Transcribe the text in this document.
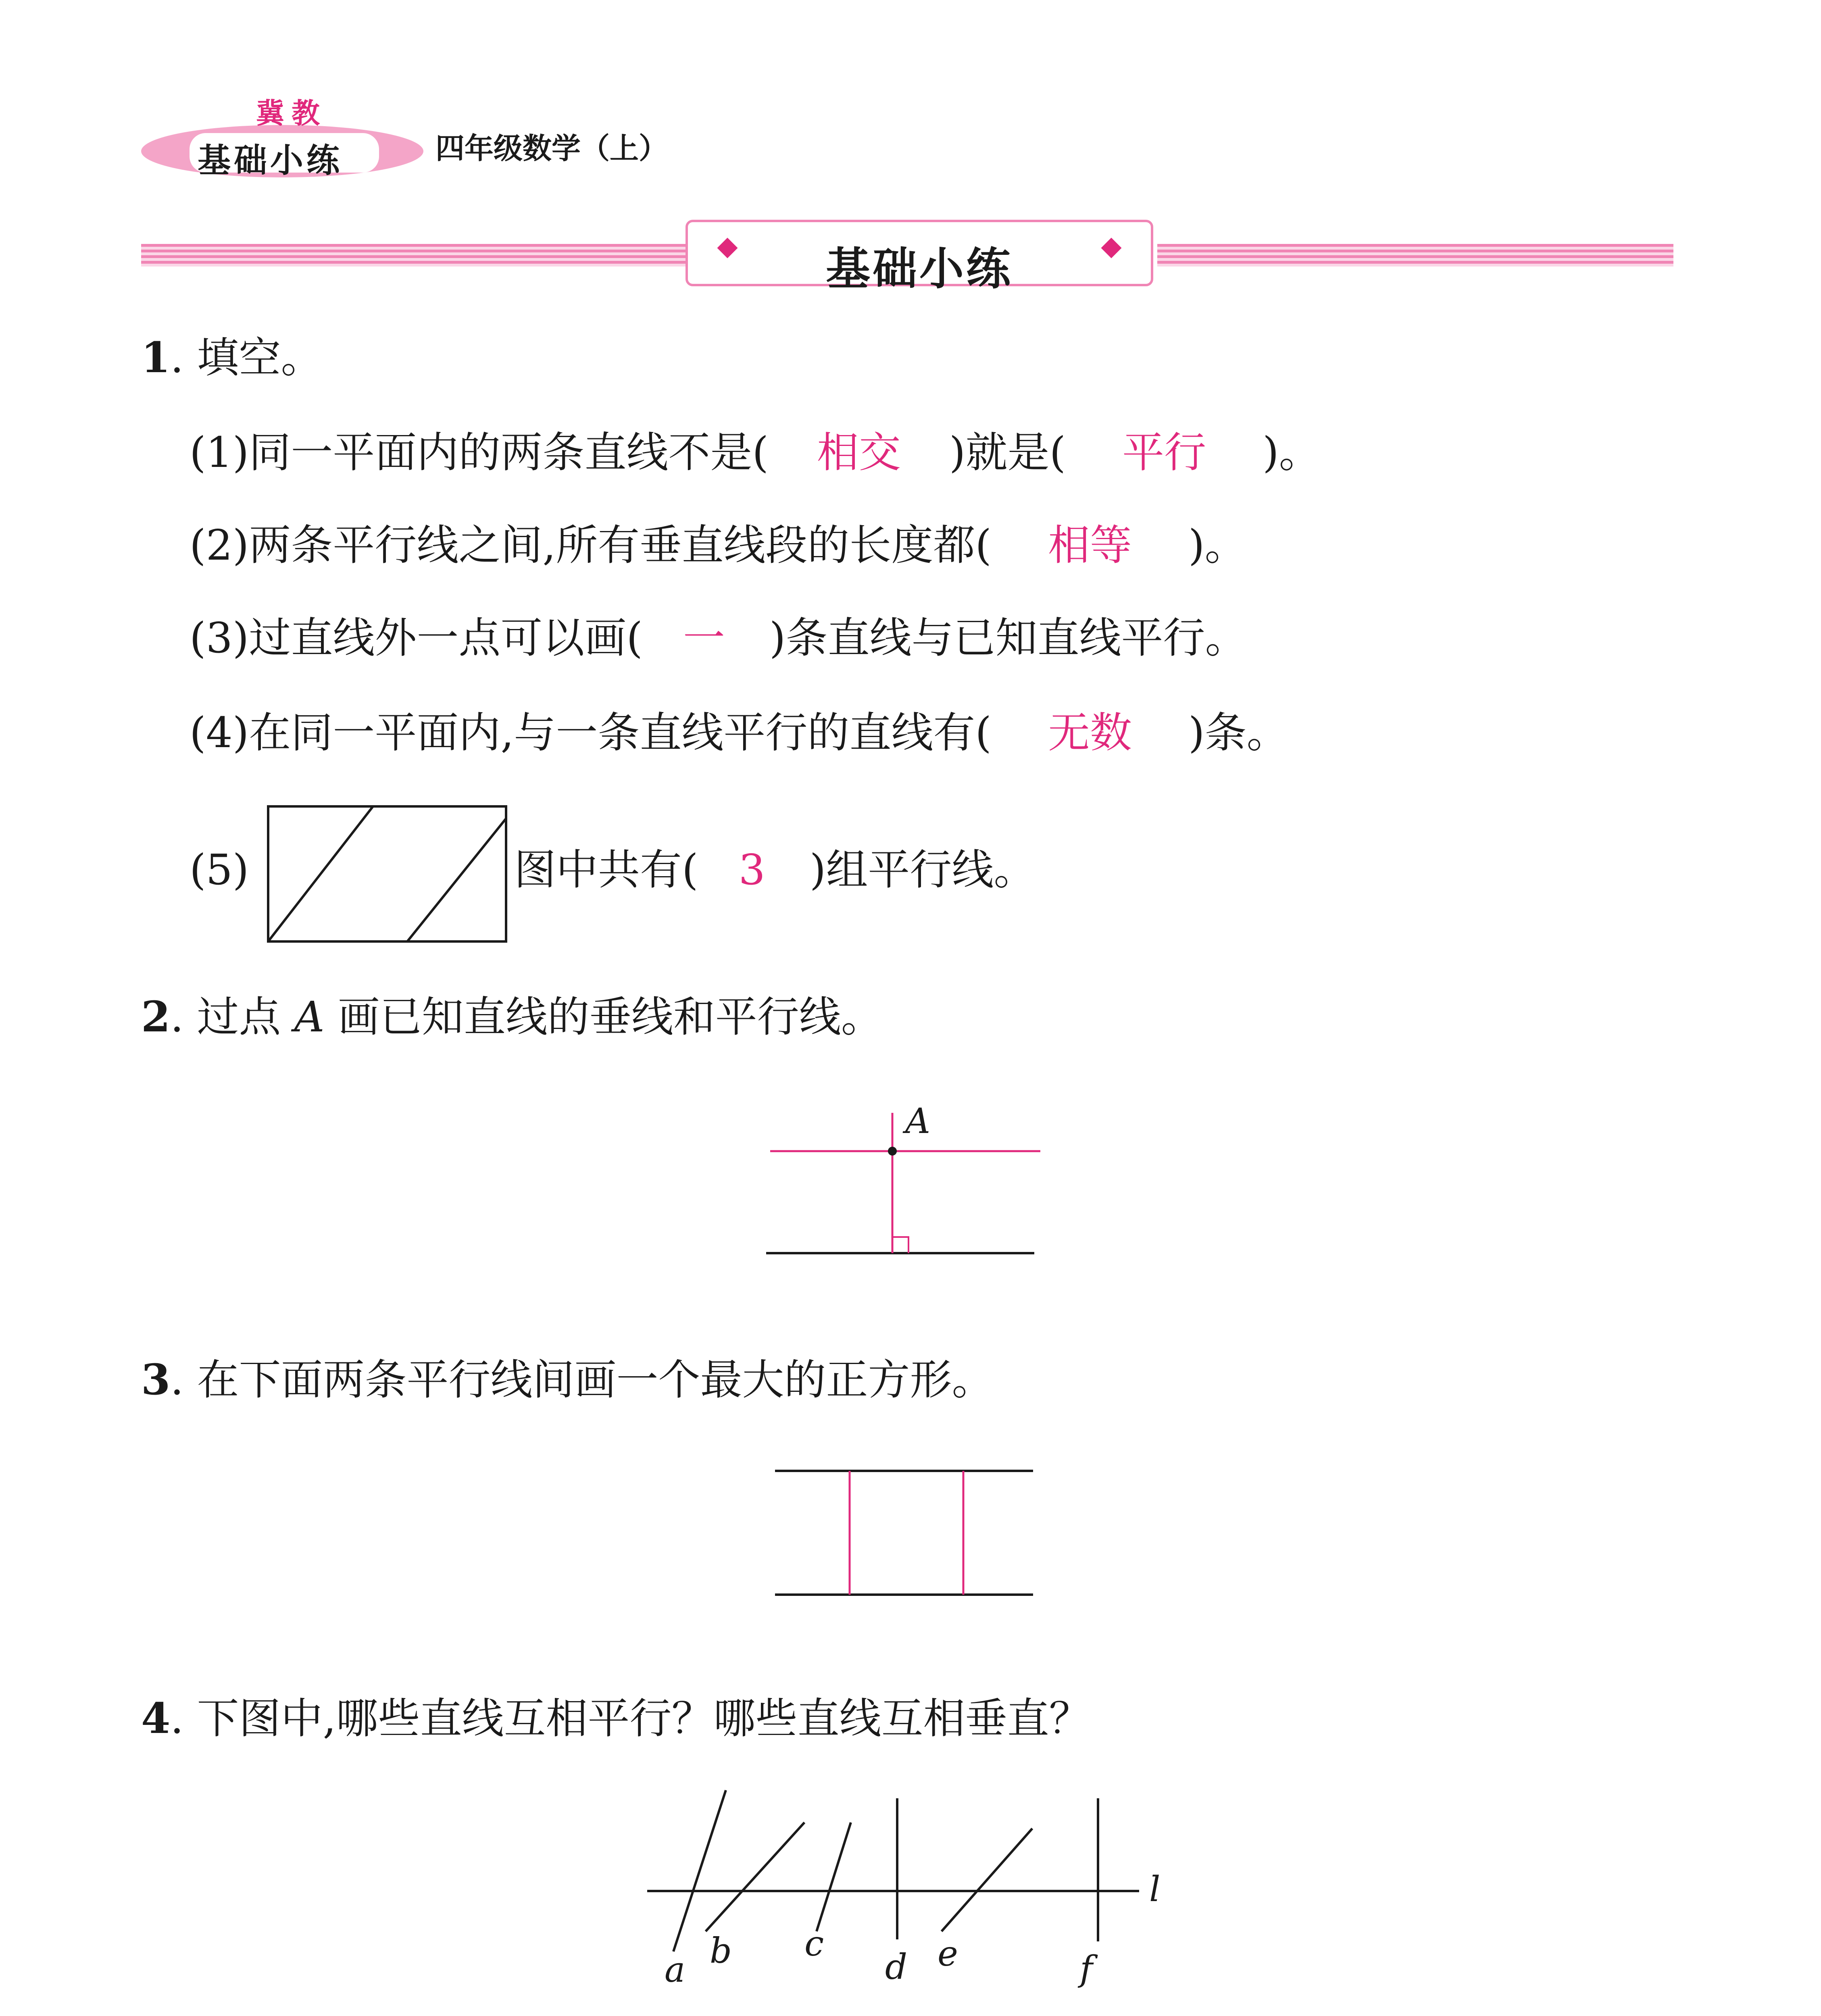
冀教
基础小练	四年级数学（上）
基础小练
1. 填空。
(1)同一平面内的两条直线不是( 相交 )就是( 平行 )。
(2)两条平行线之间,所有垂直线段的长度都( 相等 )。
(3)过直线外一点可以画( 一 )条直线与已知直线平行。
(4)在同一平面内,与一条直线平行的直线有( 无数 )条。
(5)	图中共有( 3 )组平行线。
2. 过点 A 画已知直线的垂线和平行线。
3. 在下面两条平行线间画一个最大的正方形。
4. 下图中,哪些直线互相平行？哪些直线互相垂直？

A
a b c
d e	f
l
